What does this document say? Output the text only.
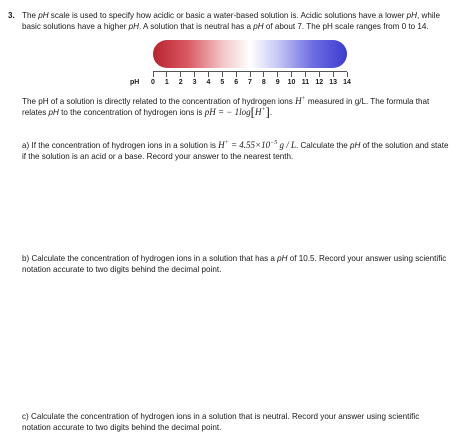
3. The pH scale is used to specify how acidic or basic a water-based solution is. Acidic solutions have a lower pH, while basic solutions have a higher pH. A solution that is neutral has a pH of about 7. The pH scale ranges from 0 to 14.
pH 0 1 2 3 4 5 6 7 8 9 10 11 12 13 14
The pH of a solution is directly related to the concentration of hydrogen ions H+ measured in g/L. The formula that relates pH to the concentration of hydrogen ions is pH = − 1log[H+].
a) If the concentration of hydrogen ions in a solution is $H^+ = 4.55\times 10^{-5}$ g / L. Calculate the pH of the solution and state if the solution is an acid or a base. Record your answer to the nearest tenth.
b) Calculate the concentration of hydrogen ions in a solution that has a pH of 10.5. Record your answer using scientific notation accurate to two digits behind the decimal point.
c) Calculate the concentration of hydrogen ions in a solution that is neutral. Record your answer using scientific notation accurate to two digits behind the decimal point.
